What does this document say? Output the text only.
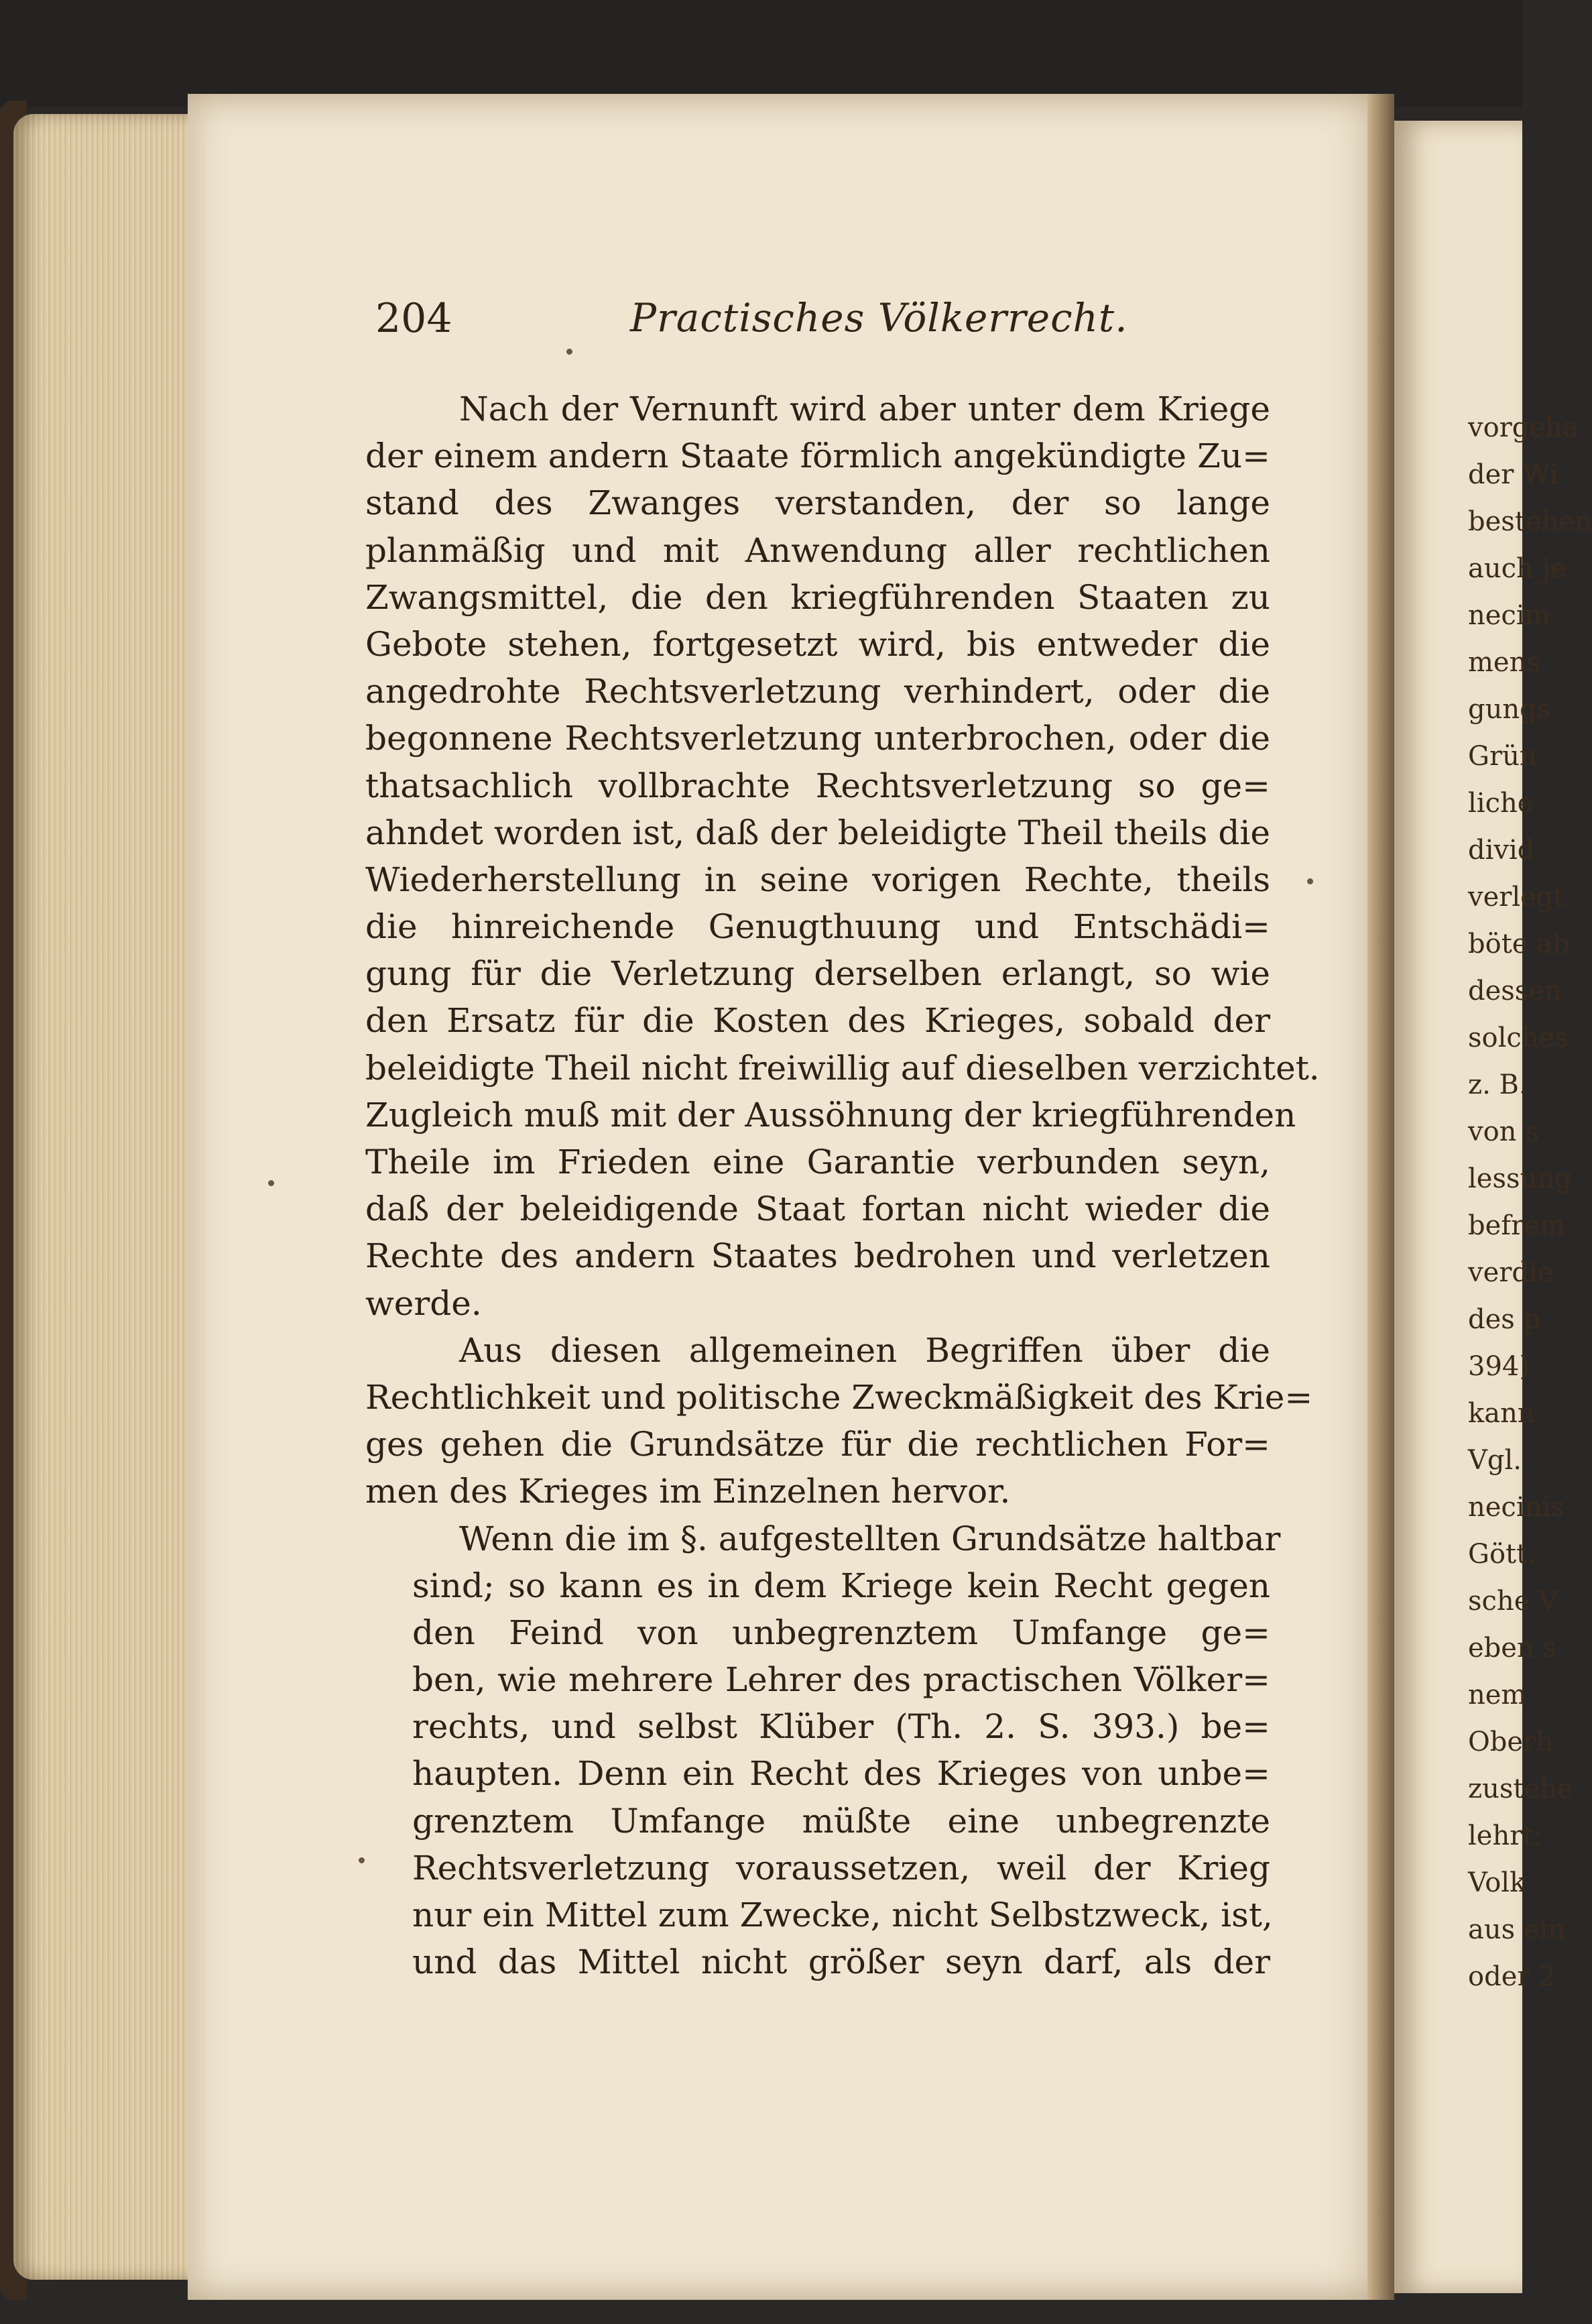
vorgeha
der Wi
bestehen
auch je
necim
mens
gungs
Grün
liche
divid
verlegt
böte ab
dessen
solches
z. B.
von s
lessung
befrem
verdie
des p
394)
kann
Vgl.
necinis
Gött.
sche V
eben s
nem
Oberh
zustehe
lehrt:
Volk
aus ein
oder 2
204	Practisches Völkerrecht.
Nach der Vernunft wird aber unter dem Kriege
der einem andern Staate förmlich angekündigte Zu=
stand des Zwanges verstanden, der so lange
planmäßig und mit Anwendung aller rechtlichen
Zwangsmittel, die den kriegführenden Staaten zu
Gebote stehen, fortgesetzt wird, bis entweder die
angedrohte Rechtsverletzung verhindert, oder die
begonnene Rechtsverletzung unterbrochen, oder die
thatsachlich vollbrachte Rechtsverletzung so ge=
ahndet worden ist, daß der beleidigte Theil theils die
Wiederherstellung in seine vorigen Rechte, theils
die hinreichende Genugthuung und Entschädi=
gung für die Verletzung derselben erlangt, so wie
den Ersatz für die Kosten des Krieges, sobald der
beleidigte Theil nicht freiwillig auf dieselben verzichtet.
Zugleich muß mit der Aussöhnung der kriegführenden
Theile im Frieden eine Garantie verbunden seyn,
daß der beleidigende Staat fortan nicht wieder die
Rechte des andern Staates bedrohen und verletzen
werde.
Aus diesen allgemeinen Begriffen über die
Rechtlichkeit und politische Zweckmäßigkeit des Krie=
ges gehen die Grundsätze für die rechtlichen For=
men des Krieges im Einzelnen hervor.
Wenn die im §. aufgestellten Grundsätze haltbar
sind; so kann es in dem Kriege kein Recht gegen
den Feind von unbegrenztem Umfange ge=
ben, wie mehrere Lehrer des practischen Völker=
rechts, und selbst Klüber (Th. 2. S. 393.) be=
haupten. Denn ein Recht des Krieges von unbe=
grenztem Umfange müßte eine unbegrenzte
Rechtsverletzung voraussetzen, weil der Krieg
nur ein Mittel zum Zwecke, nicht Selbstzweck, ist,
und das Mittel nicht größer seyn darf, als der
